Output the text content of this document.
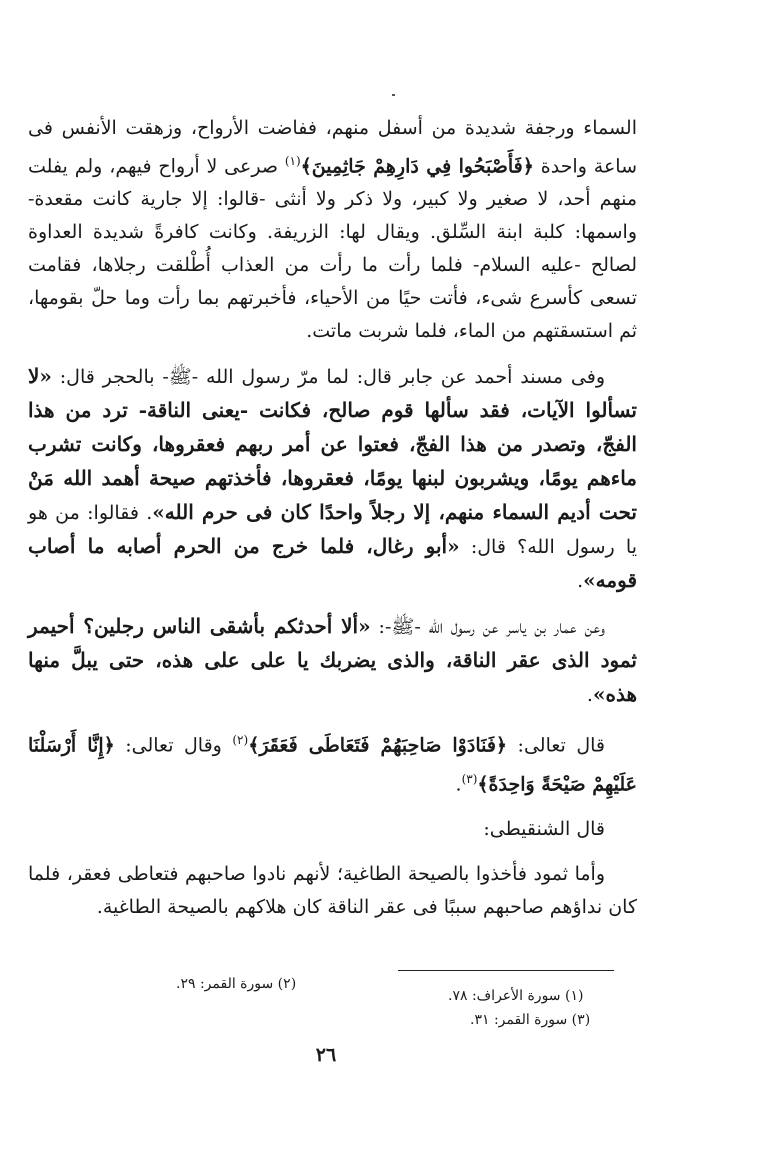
السماء ورجفة شديدة من أسفل منهم، ففاضت الأرواح، وزهقت الأنفس فى ساعة واحدة ﴿فَأَصْبَحُوا فِي دَارِهِمْ جَاثِمِينَ﴾$^{(١)}$ صرعى لا أرواح فيهم، ولم يفلت منهم أحد، لا صغير ولا كبير، ولا ذكر ولا أنثى -قالوا: إلا جارية كانت مقعدة- واسمها: كلبة ابنة السِّلق. ويقال لها: الزريفة. وكانت كافرةً شديدة العداوة لصالح -عليه السلام- فلما رأت ما رأت من العذاب أُطْلقت رجلاها، فقامت تسعى كأسرع شىء، فأتت حيًا من الأحياء، فأخبرتهم بما رأت وما حلّ بقومها، ثم استسقتهم من الماء، فلما شربت ماتت.

وفى مسند أحمد عن جابر قال: لما مرّ رسول الله -ﷺ- بالحجر قال: «لا تسألوا الآيات، فقد سألها قوم صالح، فكانت -يعنى الناقة- ترد من هذا الفجّ، وتصدر من هذا الفجّ، فعتوا عن أمر ربهم فعقروها، وكانت تشرب ماءهم يومًا، ويشربون لبنها يومًا، فعقروها، فأخذتهم صيحة أهمد الله مَنْ تحت أديم السماء منهم، إلا رجلاً واحدًا كان فى حرم الله». فقالوا: من هو يا رسول الله؟ قال: «أبو رغال، فلما خرج من الحرم أصابه ما أصاب قومه».

وعن عمار بن ياسر عن رسول الله -ﷺ-: «ألا أحدثكم بأشقى الناس رجلين؟ أحيمر ثمود الذى عقر الناقة، والذى يضربك يا على على هذه، حتى يبلَّ منها هذه».

قال تعالى: ﴿فَنَادَوْا صَاحِبَهُمْ فَتَعَاطَى فَعَقَرَ﴾$^{(٢)}$ وقال تعالى: ﴿إِنَّا أَرْسَلْنَا عَلَيْهِمْ صَيْحَةً وَاحِدَةً﴾$^{(٣)}$.

قال الشنقيطى:

وأما ثمود فأخذوا بالصيحة الطاغية؛ لأنهم نادوا صاحبهم فتعاطى فعقر، فلما كان نداؤهم صاحبهم سببًا فى عقر الناقة كان هلاكهم بالصيحة الطاغية.

(١) سورة الأعراف: ٧٨.
(٢) سورة القمر: ٢٩.
(٣) سورة القمر: ٣١.
٢٦
